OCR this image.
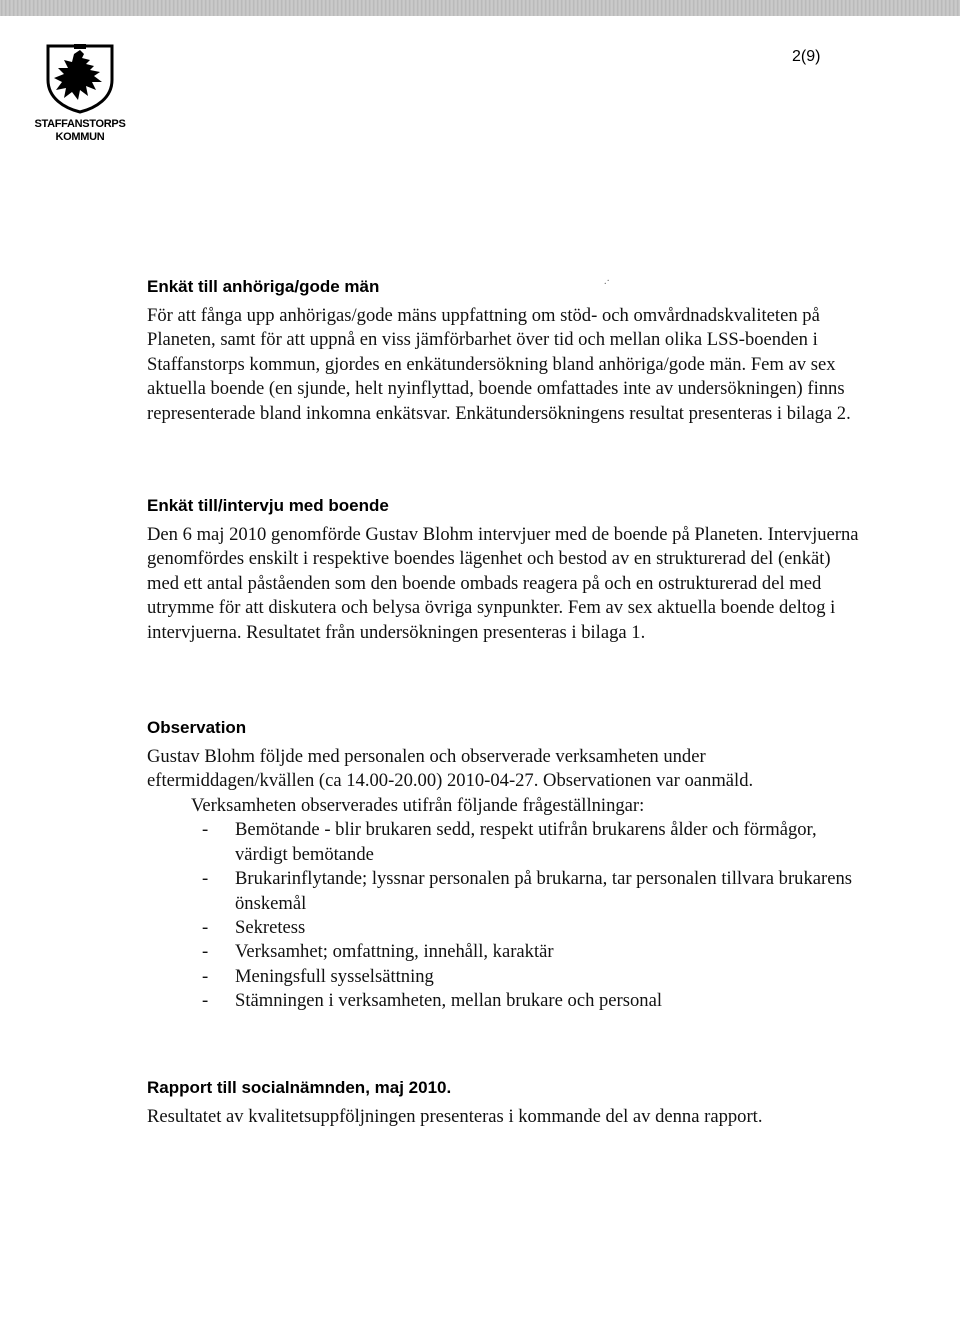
STAFFANSTORPS
KOMMUN
2(9)
.·
Enkät till anhöriga/gode män

För att fånga upp anhörigas/gode mäns uppfattning om stöd- och omvårdnadskvaliteten på Planeten, samt för att uppnå en viss jämförbarhet över tid och mellan olika LSS-boenden i Staffanstorps kommun, gjordes en enkätundersökning bland anhöriga/gode män. Fem av sex aktuella boende (en sjunde, helt nyinflyttad, boende omfattades inte av undersökningen) finns representerade bland inkomna enkätsvar. Enkätundersökningens resultat presenteras i bilaga 2.

Enkät till/intervju med boende

Den 6 maj 2010 genomförde Gustav Blohm intervjuer med de boende på Planeten. Intervjuerna genomfördes enskilt i respektive boendes lägenhet och bestod av en strukturerad del (enkät) med ett antal påståenden som den boende ombads reagera på och en ostrukturerad del med utrymme för att diskutera och belysa övriga synpunkter. Fem av sex aktuella boende deltog i intervjuerna. Resultatet från undersökningen presenteras i bilaga 1.

Observation

Gustav Blohm följde med personalen och observerade verksamheten under eftermiddagen/kvällen (ca 14.00-20.00) 2010-04-27. Observationen var oanmäld.

Verksamheten observerades utifrån följande frågeställningar:

- Bemötande - blir brukaren sedd, respekt utifrån brukarens ålder och förmågor, värdigt bemötande
- Brukarinflytande; lyssnar personalen på brukarna, tar personalen tillvara brukarens önskemål
- Sekretess
- Verksamhet; omfattning, innehåll, karaktär
- Meningsfull sysselsättning
- Stämningen i verksamheten, mellan brukare och personal
Rapport till socialnämnden, maj 2010.

Resultatet av kvalitetsuppföljningen presenteras i kommande del av denna rapport.
